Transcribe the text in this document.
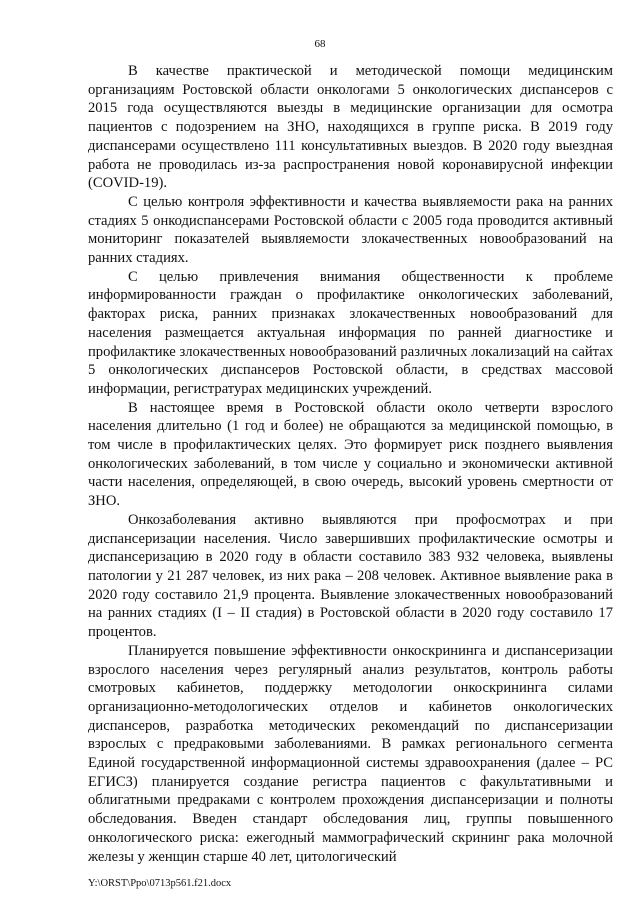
68

В качестве практической и методической помощи медицинским организациям Ростовской области онкологами 5 онкологических диспансеров с 2015 года осуществляются выезды в медицинские организации для осмотра пациентов с подозрением на ЗНО, находящихся в группе риска. В 2019 году диспансерами осуществлено 111 консультативных выездов. В 2020 году выездная работа не проводилась из-за распространения новой коронавирусной инфекции (COVID-19).

С целью контроля эффективности и качества выявляемости рака на ранних стадиях 5 онкодиспансерами Ростовской области с 2005 года проводится активный мониторинг показателей выявляемости злокачественных новообразований на ранних стадиях.

С целью привлечения внимания общественности к проблеме информированности граждан о профилактике онкологических заболеваний, факторах риска, ранних признаках злокачественных новообразований для населения размещается актуальная информация по ранней диагностике и профилактике злокачественных новообразований различных локализаций на сайтах 5 онкологических диспансеров Ростовской области, в средствах массовой информации, регистратурах медицинских учреждений.

В настоящее время в Ростовской области около четверти взрослого населения длительно (1 год и более) не обращаются за медицинской помощью, в том числе в профилактических целях. Это формирует риск позднего выявления онкологических заболеваний, в том числе у социально и экономически активной части населения, определяющей, в свою очередь, высокий уровень смертности от ЗНО.

Онкозаболевания активно выявляются при профосмотрах и при диспансеризации населения. Число завершивших профилактические осмотры и диспансеризацию в 2020 году в области составило 383 932 человека, выявлены патологии у 21 287 человек, из них рака – 208 человек. Активное выявление рака в 2020 году составило 21,9 процента. Выявление злокачественных новообразований на ранних стадиях (I – II стадия) в Ростовской области в 2020 году составило 17 процентов.

Планируется повышение эффективности онкоскрининга и диспансеризации взрослого населения через регулярный анализ результатов, контроль работы смотровых кабинетов, поддержку методологии онкоскрининга силами организационно-методологических отделов и кабинетов онкологических диспансеров, разработка методических рекомендаций по диспансеризации взрослых с предраковыми заболеваниями. В рамках регионального сегмента Единой государственной информационной системы здравоохранения (далее – РС ЕГИСЗ) планируется создание регистра пациентов с факультативными и облигатными предраками с контролем прохождения диспансеризации и полноты обследования. Введен стандарт обследования лиц, группы повышенного онкологического риска: ежегодный маммографический скрининг рака молочной железы у женщин старше 40 лет, цитологический

Y:\ORST\Ppo\0713p561.f21.docx
